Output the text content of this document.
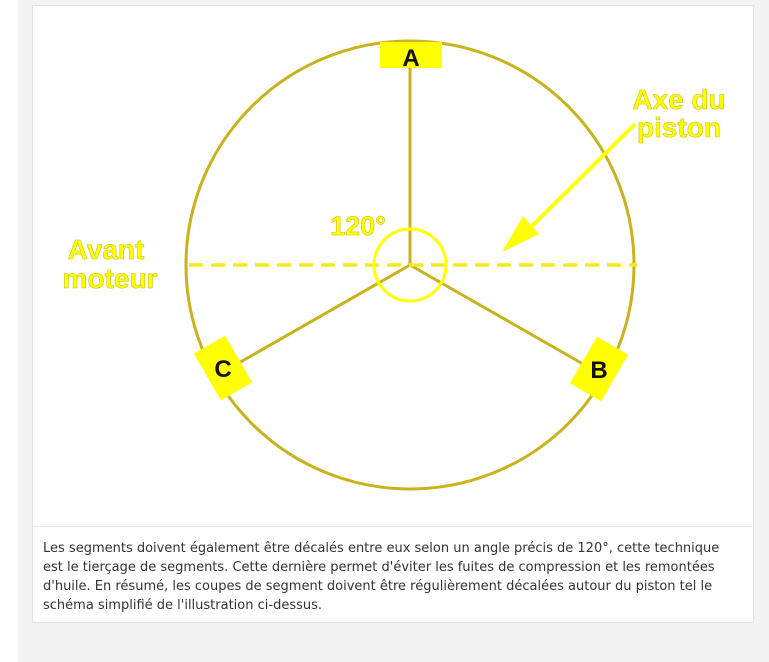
A
B
C
120°
Axe du
piston
Avant
moteur
Les segments doivent également être décalés entre eux selon un angle précis de 120°, cette technique est le tierçage de segments. Cette dernière permet d'éviter les fuites de compression et les remontées d'huile. En résumé, les coupes de segment doivent être régulièrement décalées autour du piston tel le schéma simplifié de l'illustration ci-dessus.
